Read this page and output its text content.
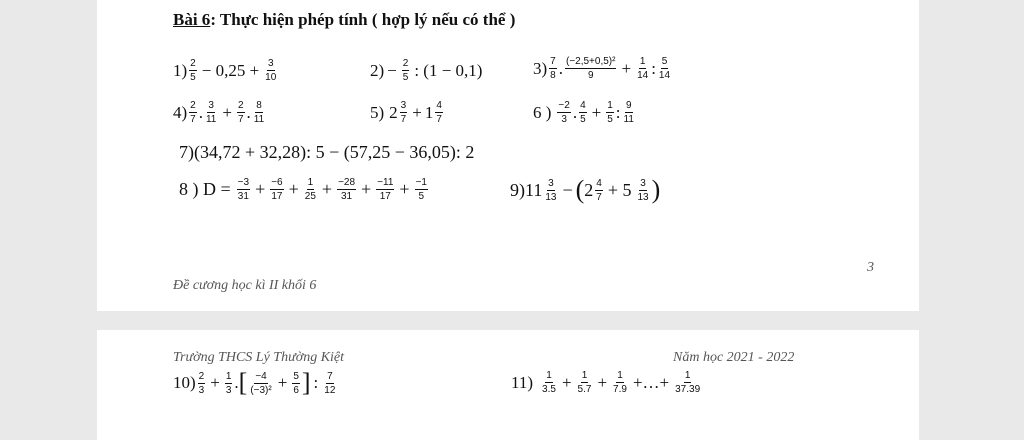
Bài 6: Thực hiện phép tính ( hợp lý nếu có thể )
$1) \frac{2}{5} - 0,25 + \frac{3}{10}$	$2) - \frac{2}{5}$ : (1 − 0,1)	$3) \frac{7}{8}$ . $\frac{\text{(−2,5+0,5)²}}{9} + \frac{1}{14}$ : $\frac{5}{14}$
$4) \frac{2}{7}$ . $\frac{3}{11} + \frac{2}{7}$ . $\frac{8}{11}$	5) $2 \frac{3}{7} + 1 \frac{4}{7}$	6 ) $\frac{-2}{3}$ . $\frac{4}{5} + \frac{1}{5}$ : $\frac{9}{11}$
7)(34,72 + 32,28): 5 − (57,25 − 36,05): 2
8 ) $D = \frac{-3}{31} + \frac{-6}{17} + \frac{1}{25} + \frac{-28}{31} + \frac{-11}{17} + \frac{-1}{5}$	$9)11 \frac{3}{13}$ − ( $2 \frac{4}{7} + 5 \frac{3}{13}$ )
3
Đề cương học kì II khối 6
Trường THCS Lý Thường Kiệt	Năm học 2021 - 2022
$10) \frac{2}{3} + \frac{1}{3}$ . [ $\frac{-4}{\text{(−3)²}} + \frac{5}{6}$ ] : $\frac{7}{12}$	$11) \frac{1}{3.5} + \frac{1}{5.7} + \frac{1}{7.9}$ +…+ $\frac{1}{37.39}$
